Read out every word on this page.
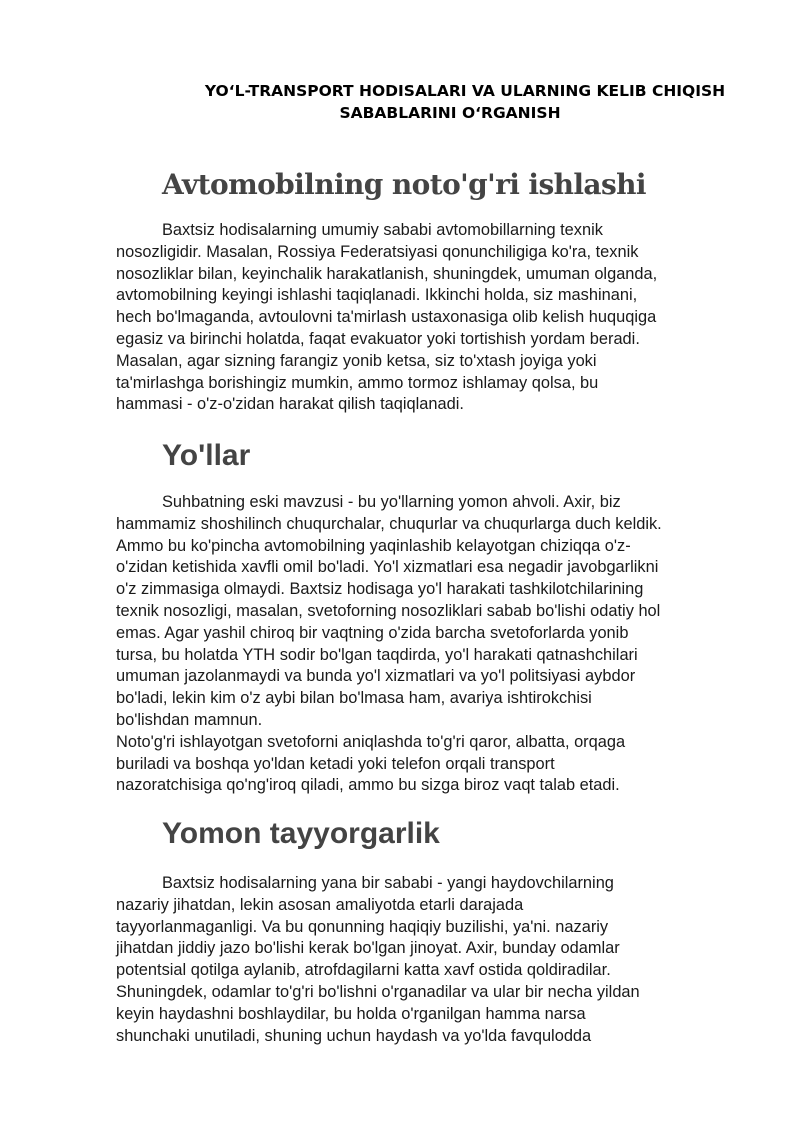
YO‘L-TRANSPORT HODISALARI VA ULARNING KELIB CHIQISH
SABABLARINI O‘RGANISH
Avtomobilning noto'g'ri ishlashi
Baxtsiz hodisalarning umumiy sababi avtomobillarning texnik
nosozligidir. Masalan, Rossiya Federatsiyasi qonunchiligiga ko'ra, texnik
nosozliklar bilan, keyinchalik harakatlanish, shuningdek, umuman olganda,
avtomobilning keyingi ishlashi taqiqlanadi. Ikkinchi holda, siz mashinani,
hech bo'lmaganda, avtoulovni ta'mirlash ustaxonasiga olib kelish huquqiga
egasiz va birinchi holatda, faqat evakuator yoki tortishish yordam beradi.
Masalan, agar sizning farangiz yonib ketsa, siz to'xtash joyiga yoki
ta'mirlashga borishingiz mumkin, ammo tormoz ishlamay qolsa, bu
hammasi - o'z-o'zidan harakat qilish taqiqlanadi.
Yo'llar
Suhbatning eski mavzusi - bu yo'llarning yomon ahvoli. Axir, biz
hammamiz shoshilinch chuqurchalar, chuqurlar va chuqurlarga duch keldik.
Ammo bu ko'pincha avtomobilning yaqinlashib kelayotgan chiziqqa o'z-
o'zidan ketishida xavfli omil bo'ladi. Yo'l xizmatlari esa negadir javobgarlikni
o'z zimmasiga olmaydi. Baxtsiz hodisaga yo'l harakati tashkilotchilarining
texnik nosozligi, masalan, svetoforning nosozliklari sabab bo'lishi odatiy hol
emas. Agar yashil chiroq bir vaqtning o'zida barcha svetoforlarda yonib
tursa, bu holatda YTH sodir bo'lgan taqdirda, yo'l harakati qatnashchilari
umuman jazolanmaydi va bunda yo'l xizmatlari va yo'l politsiyasi aybdor
bo'ladi, lekin kim o'z aybi bilan bo'lmasa ham, avariya ishtirokchisi
bo'lishdan mamnun.
Noto'g'ri ishlayotgan svetoforni aniqlashda to'g'ri qaror, albatta, orqaga
buriladi va boshqa yo'ldan ketadi yoki telefon orqali transport
nazoratchisiga qo'ng'iroq qiladi, ammo bu sizga biroz vaqt talab etadi.
Yomon tayyorgarlik
Baxtsiz hodisalarning yana bir sababi - yangi haydovchilarning
nazariy jihatdan, lekin asosan amaliyotda etarli darajada
tayyorlanmaganligi. Va bu qonunning haqiqiy buzilishi, ya'ni. nazariy
jihatdan jiddiy jazo bo'lishi kerak bo'lgan jinoyat. Axir, bunday odamlar
potentsial qotilga aylanib, atrofdagilarni katta xavf ostida qoldiradilar.
Shuningdek, odamlar to'g'ri bo'lishni o'rganadilar va ular bir necha yildan
keyin haydashni boshlaydilar, bu holda o'rganilgan hamma narsa
shunchaki unutiladi, shuning uchun haydash va yo'lda favqulodda
